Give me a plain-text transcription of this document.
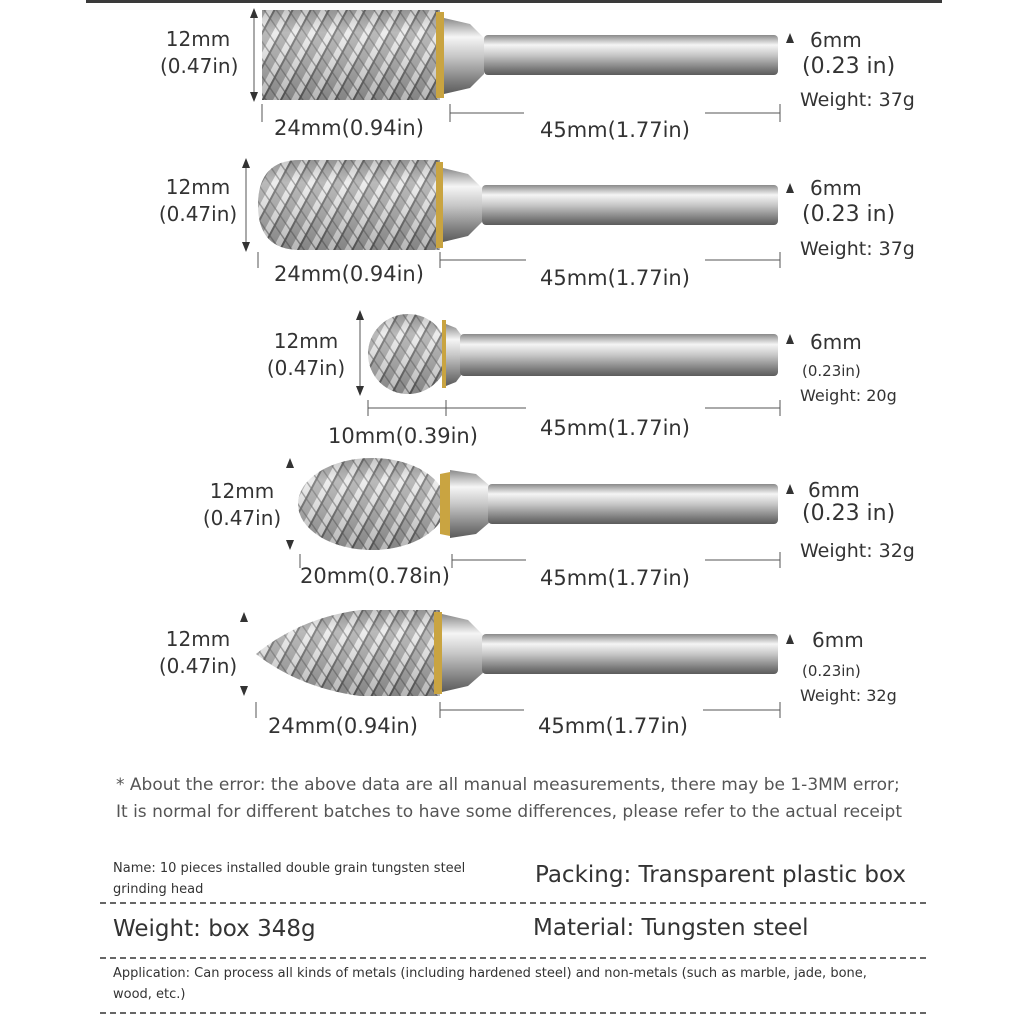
12mm
(0.47in)
24mm(0.94in)	45mm(1.77in)
6mm
(0.23 in)
Weight: 37g
12mm
(0.47in)
24mm(0.94in)	45mm(1.77in)
6mm
(0.23 in)
Weight: 37g
12mm
(0.47in)
10mm(0.39in)	45mm(1.77in)
6mm
(0.23in)
Weight: 20g
12mm
(0.47in)
20mm(0.78in)	45mm(1.77in)
6mm
(0.23 in)
Weight: 32g
12mm
(0.47in)
24mm(0.94in)	45mm(1.77in)
6mm
(0.23in)
Weight: 32g
* About the error: the above data are all manual measurements, there may be 1-3MM error; It is normal for different batches to have some differences, please refer to the actual receipt
Name: 10 pieces installed double grain tungsten steel grinding head
Packing: Transparent plastic box
Weight: box 348g	Material: Tungsten steel
Application: Can process all kinds of metals (including hardened steel) and non-metals (such as marble, jade, bone, wood, etc.)
